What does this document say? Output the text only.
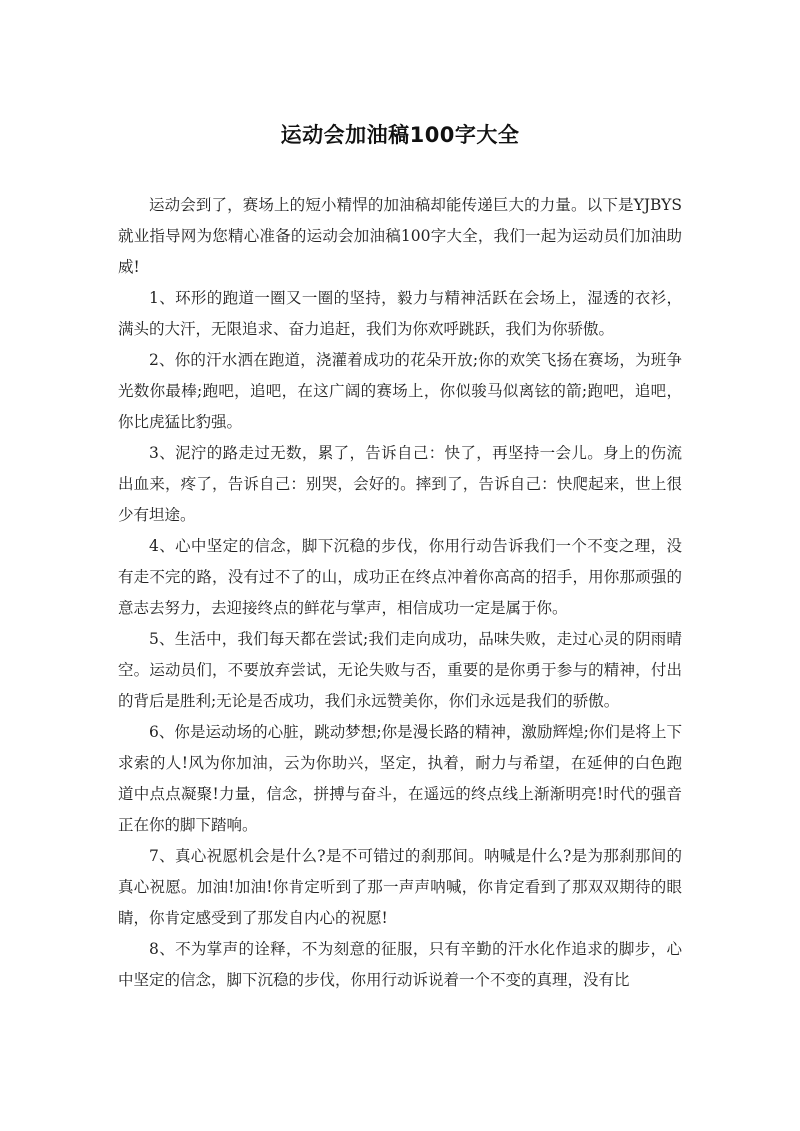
运动会加油稿100字大全

运动会到了，赛场上的短小精悍的加油稿却能传递巨大的力量。以下是YJBYS就业指导网为您精心准备的运动会加油稿100字大全，我们一起为运动员们加油助威!

1、环形的跑道一圈又一圈的坚持，毅力与精神活跃在会场上，湿透的衣衫，满头的大汗，无限追求、奋力追赶，我们为你欢呼跳跃，我们为你骄傲。

2、你的汗水洒在跑道，浇灌着成功的花朵开放;你的欢笑飞扬在赛场，为班争光数你最棒;跑吧，追吧，在这广阔的赛场上，你似骏马似离铉的箭;跑吧，追吧，你比虎猛比豹强。

3、泥泞的路走过无数，累了，告诉自己：快了，再坚持一会儿。身上的伤流出血来，疼了，告诉自己：别哭，会好的。摔到了，告诉自己：快爬起来，世上很少有坦途。

4、心中坚定的信念，脚下沉稳的步伐，你用行动告诉我们一个不变之理，没有走不完的路，没有过不了的山，成功正在终点冲着你高高的招手，用你那顽强的意志去努力，去迎接终点的鲜花与掌声，相信成功一定是属于你。

5、生活中，我们每天都在尝试;我们走向成功，品味失败，走过心灵的阴雨晴空。运动员们，不要放弃尝试，无论失败与否，重要的是你勇于参与的精神，付出的背后是胜利;无论是否成功，我们永远赞美你，你们永远是我们的骄傲。

6、你是运动场的心脏，跳动梦想;你是漫长路的精神，激励辉煌;你们是将上下求索的人!风为你加油，云为你助兴，坚定，执着，耐力与希望，在延伸的白色跑道中点点凝聚!力量，信念，拼搏与奋斗，在遥远的终点线上渐渐明亮!时代的强音正在你的脚下踏响。

7、真心祝愿机会是什么?是不可错过的刹那间。呐喊是什么?是为那刹那间的真心祝愿。加油!加油!你肯定听到了那一声声呐喊，你肯定看到了那双双期待的眼睛，你肯定感受到了那发自内心的祝愿!

8、不为掌声的诠释，不为刻意的征服，只有辛勤的汗水化作追求的脚步，心中坚定的信念，脚下沉稳的步伐，你用行动诉说着一个不变的真理，没有比
